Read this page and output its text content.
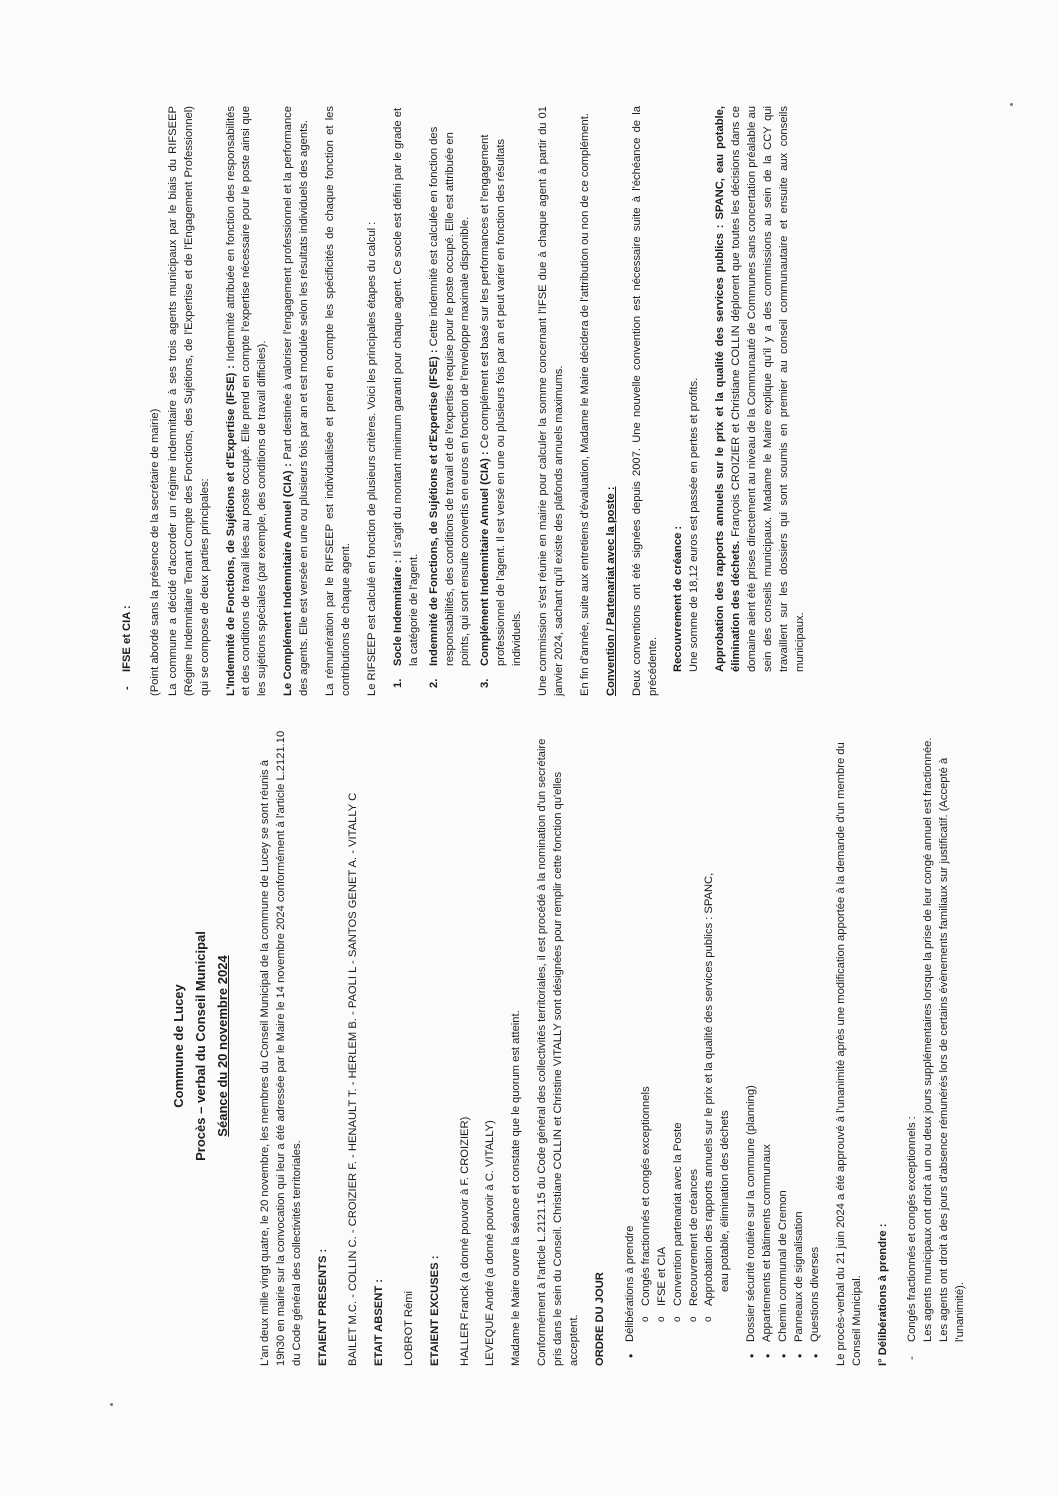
Commune de Lucey Procès – verbal du Conseil Municipal Séance du 20 novembre 2024	L'an deux mille vingt quatre, le 20 novembre, les membres du Conseil Municipal de la commune de Lucey se sont réunis à 19h30 en mairie sur la convocation qui leur a été adressée par le Maire le 14 novembre 2024 conformément à l'article L.2121.10 du Code général des collectivités territoriales. ETAIENT PRESENTS : BAILET M.C. - COLLIN C. - CROIZIER F. - HENAULT T. - HERLEM B. - PAOLI L - SANTOS GENET A. - VITALLY C ETAIT ABSENT : LOBROT Rémi ETAIENT EXCUSES : HALLER Franck (a donné pouvoir à F. CROIZIER) LEVEQUE André (a donné pouvoir à C. VITALLY) Madame le Maire ouvre la séance et constate que le quorum est atteint. Conformément à l'article L.2121.15 du Code général des collectivités territoriales, il est procédé à la nomination d'un secrétaire pris dans le sein du Conseil. Christiane COLLIN et Christine VITALLY sont désignées pour remplir cette fonction qu'elles acceptent. ORDRE DU JOUR • Délibérations à prendre o Congés fractionnés et congés exceptionnels o IFSE et CIA o Convention partenariat avec la Poste o Recouvrement de créances o Approbation des rapports annuels sur le prix et la qualité des services publics : SPANC, eau potable, élimination des déchets • Dossier sécurité routière sur la commune (planning) • Appartements et bâtiments communaux • Chemin communal de Cremon • Panneaux de signalisation • Questions diverses Le procès-verbal du 21 juin 2024 a été approuvé à l'unanimité après une modification apportée à la demande d'un membre du Conseil Municipal. I° Délibérations à prendre : - Congés fractionnés et congés exceptionnels : Les agents municipaux ont droit à un ou deux jours supplémentaires lorsque la prise de leur congé annuel est fractionnée. Les agents ont droit à des jours d'absence rémunérés lors de certains évènements familiaux sur justificatif. (Accepté à l'unanimité).
- IFSE et CIA : (Point abordé sans la présence de la secrétaire de mairie) La commune a décidé d'accorder un régime indemnitaire à ses trois agents municipaux par le biais du RIFSEEP (Régime Indemnitaire Tenant Compte des Fonctions, des Sujétions, de l'Expertise et de l'Engagement Professionnel) qui se compose de deux parties principales: L'Indemnité de Fonctions, de Sujétions et d'Expertise (IFSE) : Indemnité attribuée en fonction des responsabilités et des conditions de travail liées au poste occupé. Elle prend en compte l'expertise nécessaire pour le poste ainsi que les sujétions spéciales (par exemple, des conditions de travail difficiles). Le Complément Indemnitaire Annuel (CIA) : Part destinée à valoriser l'engagement professionnel et la performance des agents. Elle est versée en une ou plusieurs fois par an et est modulée selon les résultats individuels des agents. La rémunération par le RIFSEEP est individualisée et prend en compte les spécificités de chaque fonction et les contributions de chaque agent. Le RIFSEEP est calculé en fonction de plusieurs critères. Voici les principales étapes du calcul : 1.
Socle Indemnitaire : Il s'agit du montant minimum garanti pour chaque agent. Ce socle est défini par le grade et la catégorie de l'agent.
2.
Indemnité de Fonctions, de Sujétions et d'Expertise (IFSE) : Cette indemnité est calculée en fonction des responsabilités, des conditions de travail et de l'expertise requise pour le poste occupé. Elle est attribuée en points, qui sont ensuite convertis en euros en fonction de l'enveloppe maximale disponible.
3.
Complément Indemnitaire Annuel (CIA) : Ce complément est basé sur les performances et l'engagement professionnel de l'agent. Il est versé en une ou plusieurs fois par an et peut varier en fonction des résultats individuels. Une commission s'est réunie en mairie pour calculer la somme concernant l'IFSE due à chaque agent à partir du 01 janvier 2024, sachant qu'il existe des plafonds annuels maximums. En fin d'année, suite aux entretiens d'évaluation, Madame le Maire décidera de l'attribution ou non de ce complément. Convention / Partenariat avec la poste : Deux conventions ont été signées depuis 2007. Une nouvelle convention est nécessaire suite à l'échéance de la précédente. Recouvrement de créance : Une somme de 18,12 euros est passée en pertes et profits. Approbation des rapports annuels sur le prix et la qualité des services publics : SPANC, eau potable, élimination des déchets. François CROIZIER et Christiane COLLIN déplorent que toutes les décisions dans ce domaine aient été prises directement au niveau de la Communauté de Communes sans concertation préalable au sein des conseils municipaux. Madame le Maire explique qu'il y a des commissions au sein de la CCY qui travaillent sur les dossiers qui sont soumis en premier au conseil communautaire et ensuite aux conseils municipaux.
